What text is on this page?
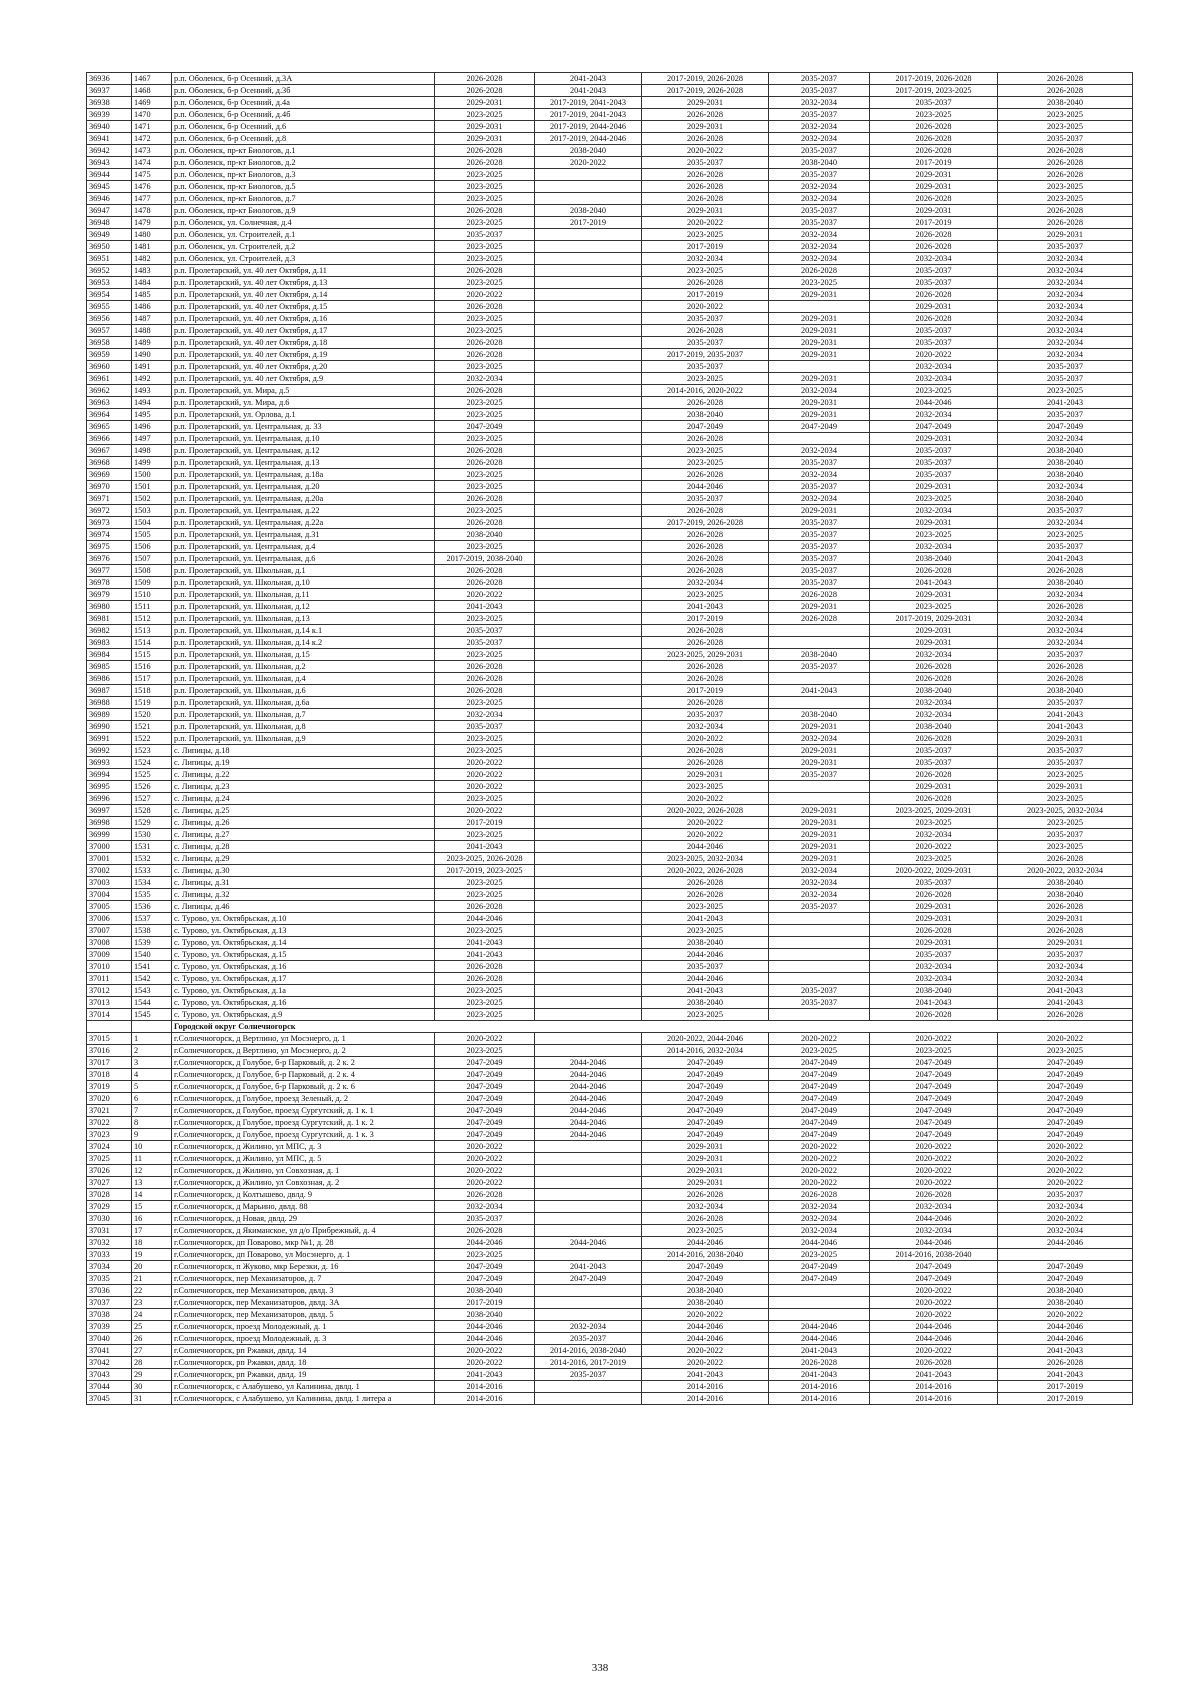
36936	1467	р.п. Оболенск, б-р Осенний, д.3А	2026-2028	2041-2043	2017-2019, 2026-2028	2035-2037	2017-2019, 2026-2028	2026-2028
36937	1468	р.п. Оболенск, б-р Осенний, д.3б	2026-2028	2041-2043	2017-2019, 2026-2028	2035-2037	2017-2019, 2023-2025	2026-2028
36938	1469	р.п. Оболенск, б-р Осенний, д.4а	2029-2031	2017-2019, 2041-2043	2029-2031	2032-2034	2035-2037	2038-2040
36939	1470	р.п. Оболенск, б-р Осенний, д.4б	2023-2025	2017-2019, 2041-2043	2026-2028	2035-2037	2023-2025	2023-2025
36940	1471	р.п. Оболенск, б-р Осенний, д.6	2029-2031	2017-2019, 2044-2046	2029-2031	2032-2034	2026-2028	2023-2025
36941	1472	р.п. Оболенск, б-р Осенний, д.8	2029-2031	2017-2019, 2044-2046	2026-2028	2032-2034	2026-2028	2035-2037
36942	1473	р.п. Оболенск, пр-кт Биологов, д.1	2026-2028	2038-2040	2020-2022	2035-2037	2026-2028	2026-2028
36943	1474	р.п. Оболенск, пр-кт Биологов, д.2	2026-2028	2020-2022	2035-2037	2038-2040	2017-2019	2026-2028
36944	1475	р.п. Оболенск, пр-кт Биологов, д.3	2023-2025		2026-2028	2035-2037	2029-2031	2026-2028
36945	1476	р.п. Оболенск, пр-кт Биологов, д.5	2023-2025		2026-2028	2032-2034	2029-2031	2023-2025
36946	1477	р.п. Оболенск, пр-кт Биологов, д.7	2023-2025		2026-2028	2032-2034	2026-2028	2023-2025
36947	1478	р.п. Оболенск, пр-кт Биологов, д.9	2026-2028	2038-2040	2029-2031	2035-2037	2029-2031	2026-2028
36948	1479	р.п. Оболенск, ул. Солнечная, д.4	2023-2025	2017-2019	2020-2022	2035-2037	2017-2019	2026-2028
36949	1480	р.п. Оболенск, ул. Строителей, д.1	2035-2037		2023-2025	2032-2034	2026-2028	2029-2031
36950	1481	р.п. Оболенск, ул. Строителей, д.2	2023-2025		2017-2019	2032-2034	2026-2028	2035-2037
36951	1482	р.п. Оболенск, ул. Строителей, д.3	2023-2025		2032-2034	2032-2034	2032-2034	2032-2034
36952	1483	р.п. Пролетарский, ул. 40 лет Октября, д.11	2026-2028		2023-2025	2026-2028	2035-2037	2032-2034
36953	1484	р.п. Пролетарский, ул. 40 лет Октября, д.13	2023-2025		2026-2028	2023-2025	2035-2037	2032-2034
36954	1485	р.п. Пролетарский, ул. 40 лет Октября, д.14	2020-2022		2017-2019	2029-2031	2026-2028	2032-2034
36955	1486	р.п. Пролетарский, ул. 40 лет Октября, д.15	2026-2028		2020-2022		2029-2031	2032-2034
36956	1487	р.п. Пролетарский, ул. 40 лет Октября, д.16	2023-2025		2035-2037	2029-2031	2026-2028	2032-2034
36957	1488	р.п. Пролетарский, ул. 40 лет Октября, д.17	2023-2025		2026-2028	2029-2031	2035-2037	2032-2034
36958	1489	р.п. Пролетарский, ул. 40 лет Октября, д.18	2026-2028		2035-2037	2029-2031	2035-2037	2032-2034
36959	1490	р.п. Пролетарский, ул. 40 лет Октября, д.19	2026-2028		2017-2019, 2035-2037	2029-2031	2020-2022	2032-2034
36960	1491	р.п. Пролетарский, ул. 40 лет Октября, д.20	2023-2025		2035-2037		2032-2034	2035-2037
36961	1492	р.п. Пролетарский, ул. 40 лет Октября, д.9	2032-2034		2023-2025	2029-2031	2032-2034	2035-2037
36962	1493	р.п. Пролетарский, ул. Мира, д.5	2026-2028		2014-2016, 2020-2022	2032-2034	2023-2025	2023-2025
36963	1494	р.п. Пролетарский, ул. Мира, д.6	2023-2025		2026-2028	2029-2031	2044-2046	2041-2043
36964	1495	р.п. Пролетарский, ул. Орлова, д.1	2023-2025		2038-2040	2029-2031	2032-2034	2035-2037
36965	1496	р.п. Пролетарский, ул. Центральная, д. 33	2047-2049		2047-2049	2047-2049	2047-2049	2047-2049
36966	1497	р.п. Пролетарский, ул. Центральная, д.10	2023-2025		2026-2028		2029-2031	2032-2034
36967	1498	р.п. Пролетарский, ул. Центральная, д.12	2026-2028		2023-2025	2032-2034	2035-2037	2038-2040
36968	1499	р.п. Пролетарский, ул. Центральная, д.13	2026-2028		2023-2025	2035-2037	2035-2037	2038-2040
36969	1500	р.п. Пролетарский, ул. Центральная, д.18а	2023-2025		2026-2028	2032-2034	2035-2037	2038-2040
36970	1501	р.п. Пролетарский, ул. Центральная, д.20	2023-2025		2044-2046	2035-2037	2029-2031	2032-2034
36971	1502	р.п. Пролетарский, ул. Центральная, д.20а	2026-2028		2035-2037	2032-2034	2023-2025	2038-2040
36972	1503	р.п. Пролетарский, ул. Центральная, д.22	2023-2025		2026-2028	2029-2031	2032-2034	2035-2037
36973	1504	р.п. Пролетарский, ул. Центральная, д.22а	2026-2028		2017-2019, 2026-2028	2035-2037	2029-2031	2032-2034
36974	1505	р.п. Пролетарский, ул. Центральная, д.31	2038-2040		2026-2028	2035-2037	2023-2025	2023-2025
36975	1506	р.п. Пролетарский, ул. Центральная, д.4	2023-2025		2026-2028	2035-2037	2032-2034	2035-2037
36976	1507	р.п. Пролетарский, ул. Центральная, д.6	2017-2019, 2038-2040		2026-2028	2035-2037	2038-2040	2041-2043
36977	1508	р.п. Пролетарский, ул. Школьная, д.1	2026-2028		2026-2028	2035-2037	2026-2028	2026-2028
36978	1509	р.п. Пролетарский, ул. Школьная, д.10	2026-2028		2032-2034	2035-2037	2041-2043	2038-2040
36979	1510	р.п. Пролетарский, ул. Школьная, д.11	2020-2022		2023-2025	2026-2028	2029-2031	2032-2034
36980	1511	р.п. Пролетарский, ул. Школьная, д.12	2041-2043		2041-2043	2029-2031	2023-2025	2026-2028
36981	1512	р.п. Пролетарский, ул. Школьная, д.13	2023-2025		2017-2019	2026-2028	2017-2019, 2029-2031	2032-2034
36982	1513	р.п. Пролетарский, ул. Школьная, д.14 к.1	2035-2037		2026-2028		2029-2031	2032-2034
36983	1514	р.п. Пролетарский, ул. Школьная, д.14 к.2	2035-2037		2026-2028		2029-2031	2032-2034
36984	1515	р.п. Пролетарский, ул. Школьная, д.15	2023-2025		2023-2025, 2029-2031	2038-2040	2032-2034	2035-2037
36985	1516	р.п. Пролетарский, ул. Школьная, д.2	2026-2028		2026-2028	2035-2037	2026-2028	2026-2028
36986	1517	р.п. Пролетарский, ул. Школьная, д.4	2026-2028		2026-2028		2026-2028	2026-2028
36987	1518	р.п. Пролетарский, ул. Школьная, д.6	2026-2028		2017-2019	2041-2043	2038-2040	2038-2040
36988	1519	р.п. Пролетарский, ул. Школьная, д.6а	2023-2025		2026-2028		2032-2034	2035-2037
36989	1520	р.п. Пролетарский, ул. Школьная, д.7	2032-2034		2035-2037	2038-2040	2032-2034	2041-2043
36990	1521	р.п. Пролетарский, ул. Школьная, д.8	2035-2037		2032-2034	2029-2031	2038-2040	2041-2043
36991	1522	р.п. Пролетарский, ул. Школьная, д.9	2023-2025		2020-2022	2032-2034	2026-2028	2029-2031
36992	1523	с. Липицы, д.18	2023-2025		2026-2028	2029-2031	2035-2037	2035-2037
36993	1524	с. Липицы, д.19	2020-2022		2026-2028	2029-2031	2035-2037	2035-2037
36994	1525	с. Липицы, д.22	2020-2022		2029-2031	2035-2037	2026-2028	2023-2025
36995	1526	с. Липицы, д.23	2020-2022		2023-2025		2029-2031	2029-2031
36996	1527	с. Липицы, д.24	2023-2025		2020-2022		2026-2028	2023-2025
36997	1528	с. Липицы, д.25	2020-2022		2020-2022, 2026-2028	2029-2031	2023-2025, 2029-2031	2023-2025, 2032-2034
36998	1529	с. Липицы, д.26	2017-2019		2020-2022	2029-2031	2023-2025	2023-2025
36999	1530	с. Липицы, д.27	2023-2025		2020-2022	2029-2031	2032-2034	2035-2037
37000	1531	с. Липицы, д.28	2041-2043		2044-2046	2029-2031	2020-2022	2023-2025
37001	1532	с. Липицы, д.29	2023-2025, 2026-2028		2023-2025, 2032-2034	2029-2031	2023-2025	2026-2028
37002	1533	с. Липицы, д.30	2017-2019, 2023-2025		2020-2022, 2026-2028	2032-2034	2020-2022, 2029-2031	2020-2022, 2032-2034
37003	1534	с. Липицы, д.31	2023-2025		2026-2028	2032-2034	2035-2037	2038-2040
37004	1535	с. Липицы, д.32	2023-2025		2026-2028	2032-2034	2026-2028	2038-2040
37005	1536	с. Липицы, д.46	2026-2028		2023-2025	2035-2037	2029-2031	2026-2028
37006	1537	с. Турово, ул. Октябрьская, д.10	2044-2046		2041-2043		2029-2031	2029-2031
37007	1538	с. Турово, ул. Октябрьская, д.13	2023-2025		2023-2025		2026-2028	2026-2028
37008	1539	с. Турово, ул. Октябрьская, д.14	2041-2043		2038-2040		2029-2031	2029-2031
37009	1540	с. Турово, ул. Октябрьская, д.15	2041-2043		2044-2046		2035-2037	2035-2037
37010	1541	с. Турово, ул. Октябрьская, д.16	2026-2028		2035-2037		2032-2034	2032-2034
37011	1542	с. Турово, ул. Октябрьская, д.17	2026-2028		2044-2046		2032-2034	2032-2034
37012	1543	с. Турово, ул. Октябрьская, д.1а	2023-2025		2041-2043	2035-2037	2038-2040	2041-2043
37013	1544	с. Турово, ул. Октябрьская, д.16	2023-2025		2038-2040	2035-2037	2041-2043	2041-2043
37014	1545	с. Турово, ул. Октябрьская, д.9	2023-2025		2023-2025		2026-2028	2026-2028
		Городской округ Солнечногорск						
37015	1	г.Солнечногорск, д Вертлино, ул Мосэнерго, д. 1	2020-2022		2020-2022, 2044-2046	2020-2022	2020-2022	2020-2022
37016	2	г.Солнечногорск, д Вертлино, ул Мосэнерго, д. 2	2023-2025		2014-2016, 2032-2034	2023-2025	2023-2025	2023-2025
37017	3	г.Солнечногорск, д Голубое, б-р Парковый, д. 2 к. 2	2047-2049	2044-2046	2047-2049	2047-2049	2047-2049	2047-2049
37018	4	г.Солнечногорск, д Голубое, б-р Парковый, д. 2 к. 4	2047-2049	2044-2046	2047-2049	2047-2049	2047-2049	2047-2049
37019	5	г.Солнечногорск, д Голубое, б-р Парковый, д. 2 к. 6	2047-2049	2044-2046	2047-2049	2047-2049	2047-2049	2047-2049
37020	6	г.Солнечногорск, д Голубое, проезд Зеленый, д. 2	2047-2049	2044-2046	2047-2049	2047-2049	2047-2049	2047-2049
37021	7	г.Солнечногорск, д Голубое, проезд Сургутский, д. 1 к. 1	2047-2049	2044-2046	2047-2049	2047-2049	2047-2049	2047-2049
37022	8	г.Солнечногорск, д Голубое, проезд Сургутский, д. 1 к. 2	2047-2049	2044-2046	2047-2049	2047-2049	2047-2049	2047-2049
37023	9	г.Солнечногорск, д Голубое, проезд Сургутский, д. 1 к. 3	2047-2049	2044-2046	2047-2049	2047-2049	2047-2049	2047-2049
37024	10	г.Солнечногорск, д Жилино, ул МПС, д. 3	2020-2022		2029-2031	2020-2022	2020-2022	2020-2022
37025	11	г.Солнечногорск, д Жилино, ул МПС, д. 5	2020-2022		2029-2031	2020-2022	2020-2022	2020-2022
37026	12	г.Солнечногорск, д Жилино, ул Совхозная, д. 1	2020-2022		2029-2031	2020-2022	2020-2022	2020-2022
37027	13	г.Солнечногорск, д Жилино, ул Совхозная, д. 2	2020-2022		2029-2031	2020-2022	2020-2022	2020-2022
37028	14	г.Солнечногорск, д Колтышево, двлд. 9	2026-2028		2026-2028	2026-2028	2026-2028	2035-2037
37029	15	г.Солнечногорск, д Марьино, двлд. 88	2032-2034		2032-2034	2032-2034	2032-2034	2032-2034
37030	16	г.Солнечногорск, д Новая, двлд. 29	2035-2037		2026-2028	2032-2034	2044-2046	2020-2022
37031	17	г.Солнечногорск, д Якиманское, ул д/о Прибрежный, д. 4	2026-2028		2023-2025	2032-2034	2032-2034	2032-2034
37032	18	г.Солнечногорск, дп Поварово, мкр №1, д. 28	2044-2046	2044-2046	2044-2046	2044-2046	2044-2046	2044-2046
37033	19	г.Солнечногорск, дп Поварово, ул Мосэнерго, д. 1	2023-2025		2014-2016, 2038-2040	2023-2025	2014-2016, 2038-2040	
37034	20	г.Солнечногорск, п Жуково, мкр Березки, д. 16	2047-2049	2041-2043	2047-2049	2047-2049	2047-2049	2047-2049
37035	21	г.Солнечногорск, пер Механизаторов, д. 7	2047-2049	2047-2049	2047-2049	2047-2049	2047-2049	2047-2049
37036	22	г.Солнечногорск, пер Механизаторов, двлд. 3	2038-2040		2038-2040		2020-2022	2038-2040
37037	23	г.Солнечногорск, пер Механизаторов, двлд. 3А	2017-2019		2038-2040		2020-2022	2038-2040
37038	24	г.Солнечногорск, пер Механизаторов, двлд. 5	2038-2040		2020-2022		2020-2022	2020-2022
37039	25	г.Солнечногорск, проезд Молодежный, д. 1	2044-2046	2032-2034	2044-2046	2044-2046	2044-2046	2044-2046
37040	26	г.Солнечногорск, проезд Молодежный, д. 3	2044-2046	2035-2037	2044-2046	2044-2046	2044-2046	2044-2046
37041	27	г.Солнечногорск, рп Ржавки, двлд. 14	2020-2022	2014-2016, 2038-2040	2020-2022	2041-2043	2020-2022	2041-2043
37042	28	г.Солнечногорск, рп Ржавки, двлд. 18	2020-2022	2014-2016, 2017-2019	2020-2022	2026-2028	2026-2028	2026-2028
37043	29	г.Солнечногорск, рп Ржавки, двлд. 19	2041-2043	2035-2037	2041-2043	2041-2043	2041-2043	2041-2043
37044	30	г.Солнечногорск, с Алабушево, ул Калинина, двлд. 1	2014-2016		2014-2016	2014-2016	2014-2016	2017-2019
37045	31	г.Солнечногорск, с Алабушево, ул Калинина, двлд. 1 литера а	2014-2016		2014-2016	2014-2016	2014-2016	2017-2019
338
